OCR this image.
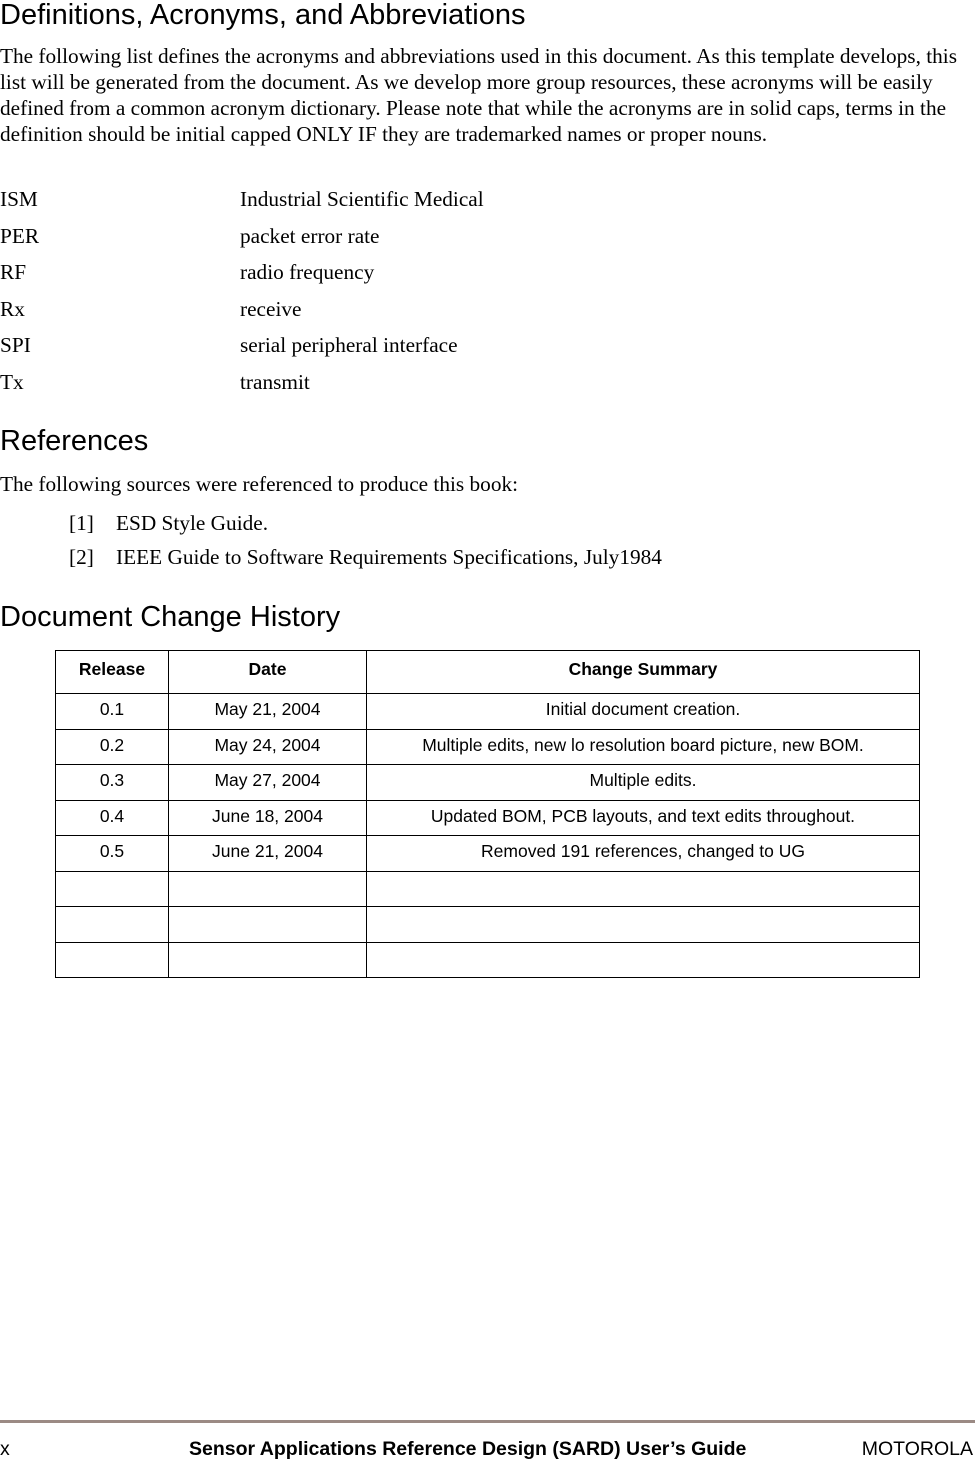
Definitions, Acronyms, and Abbreviations

The following list defines the acronyms and abbreviations used in this document. As this template develops, this list will be generated from the document. As we develop more group resources, these acronyms will be easily defined from a common acronym dictionary. Please note that while the acronyms are in solid caps, terms in the definition should be initial capped ONLY IF they are trademarked names or proper nouns.

ISM	Industrial Scientific Medical
PER	packet error rate
RF	radio frequency
Rx	receive
SPI	serial peripheral interface
Tx	transmit
References

The following sources were referenced to produce this book:

[1] ESD Style Guide.
[2] IEEE Guide to Software Requirements Specifications, July1984
Document Change History
Release	Date	Change Summary
0.1	May 21, 2004	Initial document creation.
0.2	May 24, 2004	Multiple edits, new lo resolution board picture, new BOM.
0.3	May 27, 2004	Multiple edits.
0.4	June 18, 2004	Updated BOM, PCB layouts, and text edits throughout.
0.5	June 21, 2004	Removed 191 references, changed to UG

x	Sensor Applications Reference Design (SARD) User’s Guide	MOTOROLA
